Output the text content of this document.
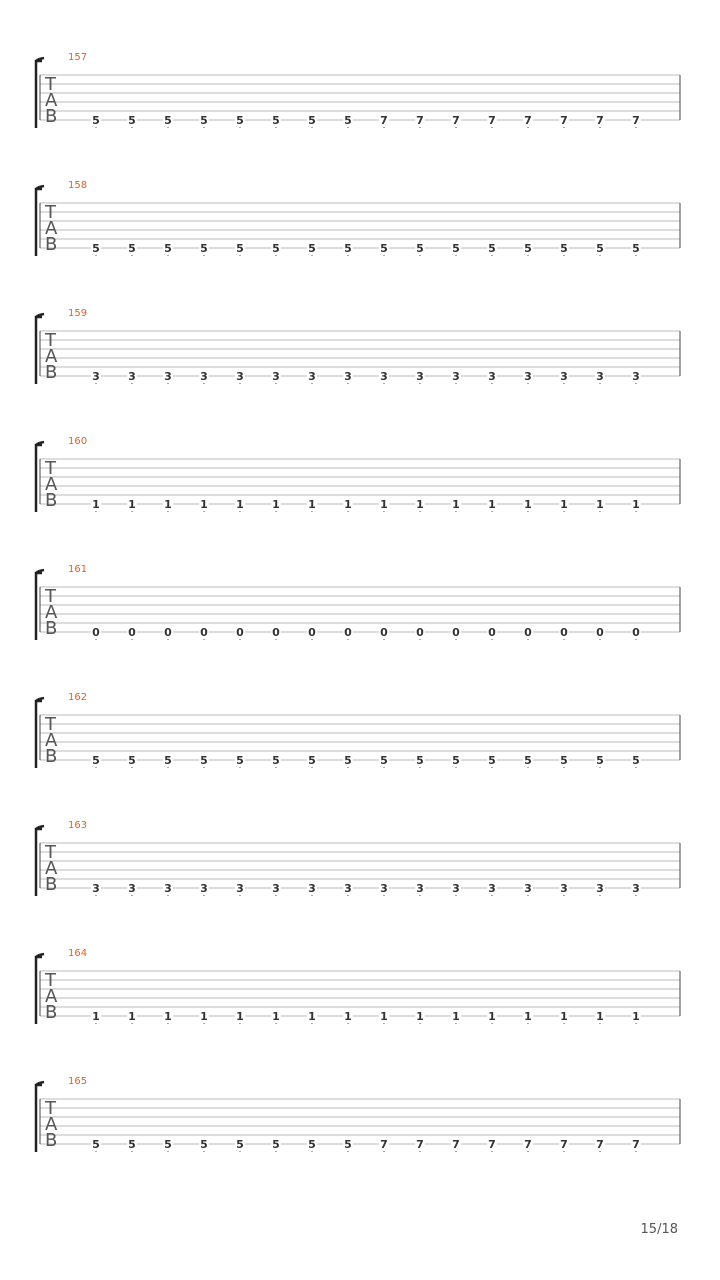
15/18
157
T
A
B	5	5	5	5	5	5	5	5	7	7	7	7	7	7	7	7
158
T
A
B	5	5	5	5	5	5	5	5	5	5	5	5	5	5	5	5
159
T
A
B	3	3	3	3	3	3	3	3	3	3	3	3	3	3	3	3
160
T
A
B	1	1	1	1	1	1	1	1	1	1	1	1	1	1	1	1
161
T
A
B	0	0	0	0	0	0	0	0	0	0	0	0	0	0	0	0
162
T
A
B	5	5	5	5	5	5	5	5	5	5	5	5	5	5	5	5
163
T
A
B	3	3	3	3	3	3	3	3	3	3	3	3	3	3	3	3
164
T
A
B	1	1	1	1	1	1	1	1	1	1	1	1	1	1	1	1
165
T
A
B	5	5	5	5	5	5	5	5	7	7	7	7	7	7	7	7
